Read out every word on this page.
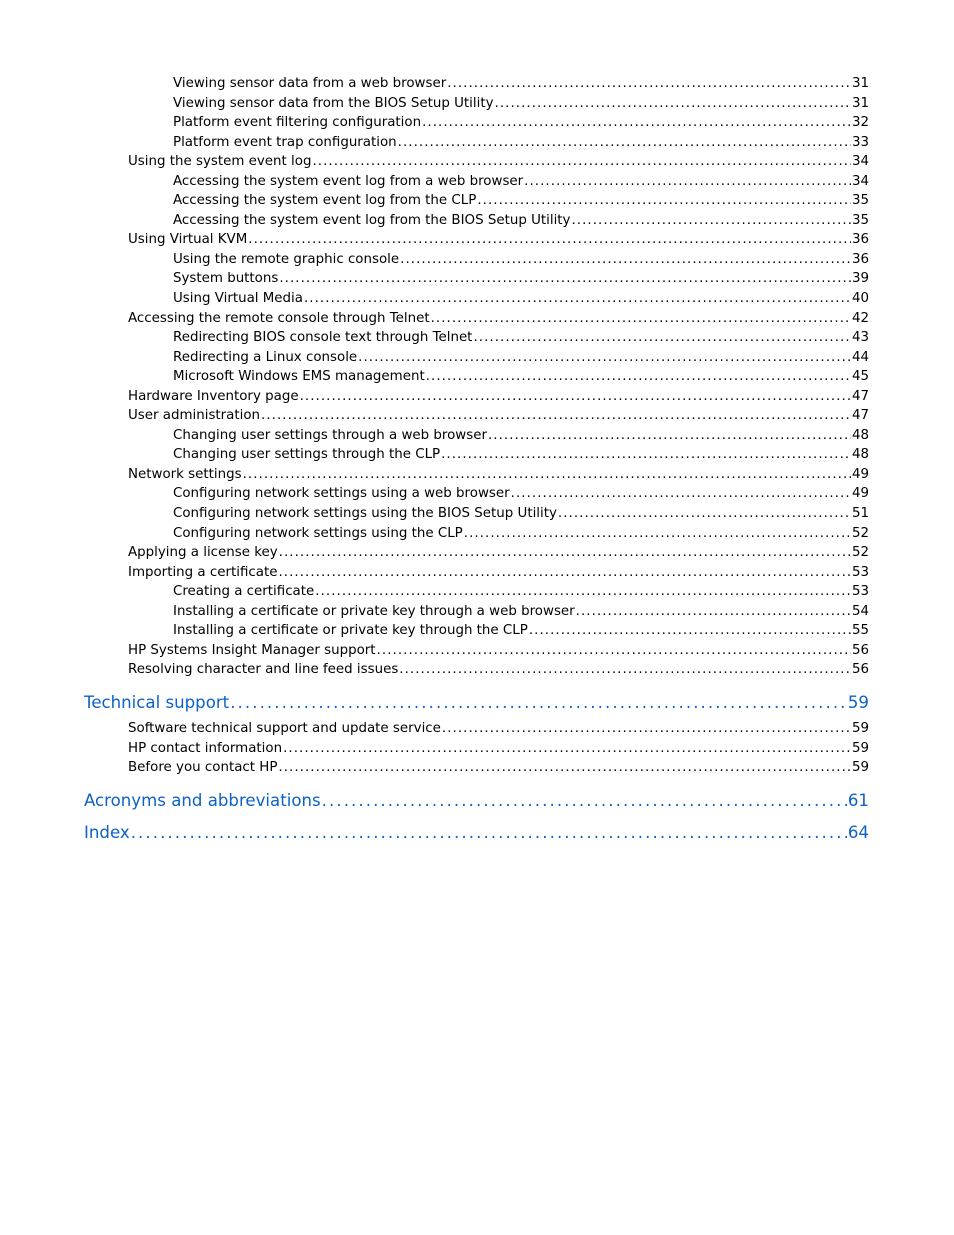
Viewing sensor data from a web browser . . .	31
Viewing sensor data from the BIOS Setup Utility . . .	31
Platform event filtering configuration . . .	32
Platform event trap configuration . . .	33
Using the system event log . . .	34
Accessing the system event log from a web browser . . .	34
Accessing the system event log from the CLP . . .	35
Accessing the system event log from the BIOS Setup Utility . . .	35
Using Virtual KVM . . .	36
Using the remote graphic console . . .	36
System buttons . . .	39
Using Virtual Media . . .	40
Accessing the remote console through Telnet . . .	42
Redirecting BIOS console text through Telnet . . .	43
Redirecting a Linux console . . .	44
Microsoft Windows EMS management . . .	45
Hardware Inventory page . . .	47
User administration . . .	47
Changing user settings through a web browser . . .	48
Changing user settings through the CLP . . .	48
Network settings . . .	49
Configuring network settings using a web browser . . .	49
Configuring network settings using the BIOS Setup Utility . . .	51
Configuring network settings using the CLP . . .	52
Applying a license key . . .	52
Importing a certificate . . .	53
Creating a certificate . . .	53
Installing a certificate or private key through a web browser . . .	54
Installing a certificate or private key through the CLP . . .	55
HP Systems Insight Manager support . . .	56
Resolving character and line feed issues . . .	56
Technical support . . .	59
Software technical support and update service . . .	59
HP contact information . . .	59
Before you contact HP . . .	59
Acronyms and abbreviations . . .	61
Index . . .	64
